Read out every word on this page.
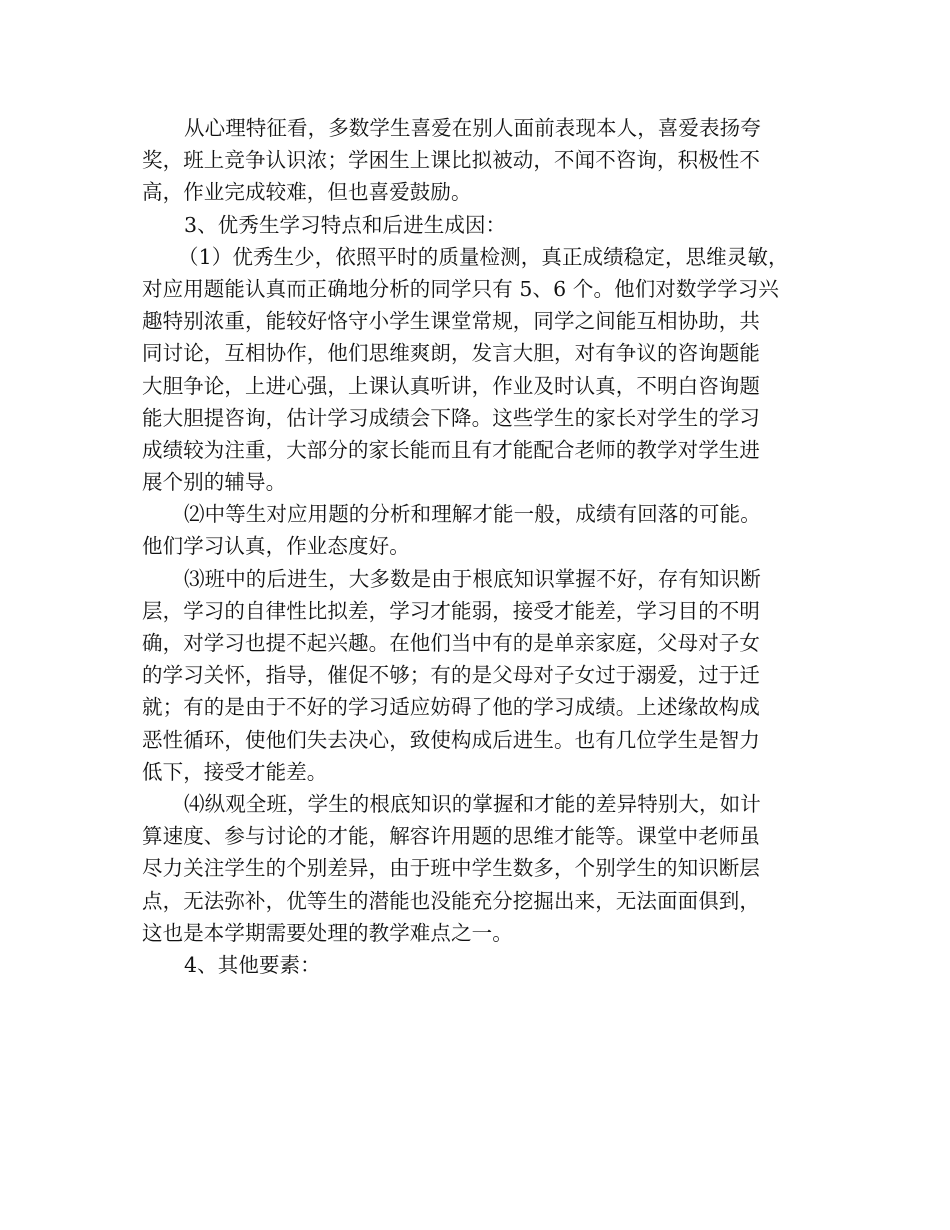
从心理特征看，多数学生喜爱在别人面前表现本人，喜爱表扬夸
奖，班上竞争认识浓；学困生上课比拟被动，不闻不咨询，积极性不
高，作业完成较难，但也喜爱鼓励。
3、优秀生学习特点和后进生成因：
（1）优秀生少，依照平时的质量检测，真正成绩稳定，思维灵敏，
对应用题能认真而正确地分析的同学只有 5、6 个。他们对数学学习兴
趣特别浓重，能较好恪守小学生课堂常规，同学之间能互相协助，共
同讨论，互相协作，他们思维爽朗，发言大胆，对有争议的咨询题能
大胆争论，上进心强，上课认真听讲，作业及时认真，不明白咨询题
能大胆提咨询，估计学习成绩会下降。这些学生的家长对学生的学习
成绩较为注重，大部分的家长能而且有才能配合老师的教学对学生进
展个别的辅导。
⑵中等生对应用题的分析和理解才能一般，成绩有回落的可能。
他们学习认真，作业态度好。
⑶班中的后进生，大多数是由于根底知识掌握不好，存有知识断
层，学习的自律性比拟差，学习才能弱，接受才能差，学习目的不明
确，对学习也提不起兴趣。在他们当中有的是单亲家庭，父母对子女
的学习关怀，指导，催促不够；有的是父母对子女过于溺爱，过于迁
就；有的是由于不好的学习适应妨碍了他的学习成绩。上述缘故构成
恶性循环，使他们失去决心，致使构成后进生。也有几位学生是智力
低下，接受才能差。
⑷纵观全班，学生的根底知识的掌握和才能的差异特别大，如计
算速度、参与讨论的才能，解容许用题的思维才能等。课堂中老师虽
尽力关注学生的个别差异，由于班中学生数多，个别学生的知识断层
点，无法弥补，优等生的潜能也没能充分挖掘出来，无法面面俱到，
这也是本学期需要处理的教学难点之一。
4、其他要素：
